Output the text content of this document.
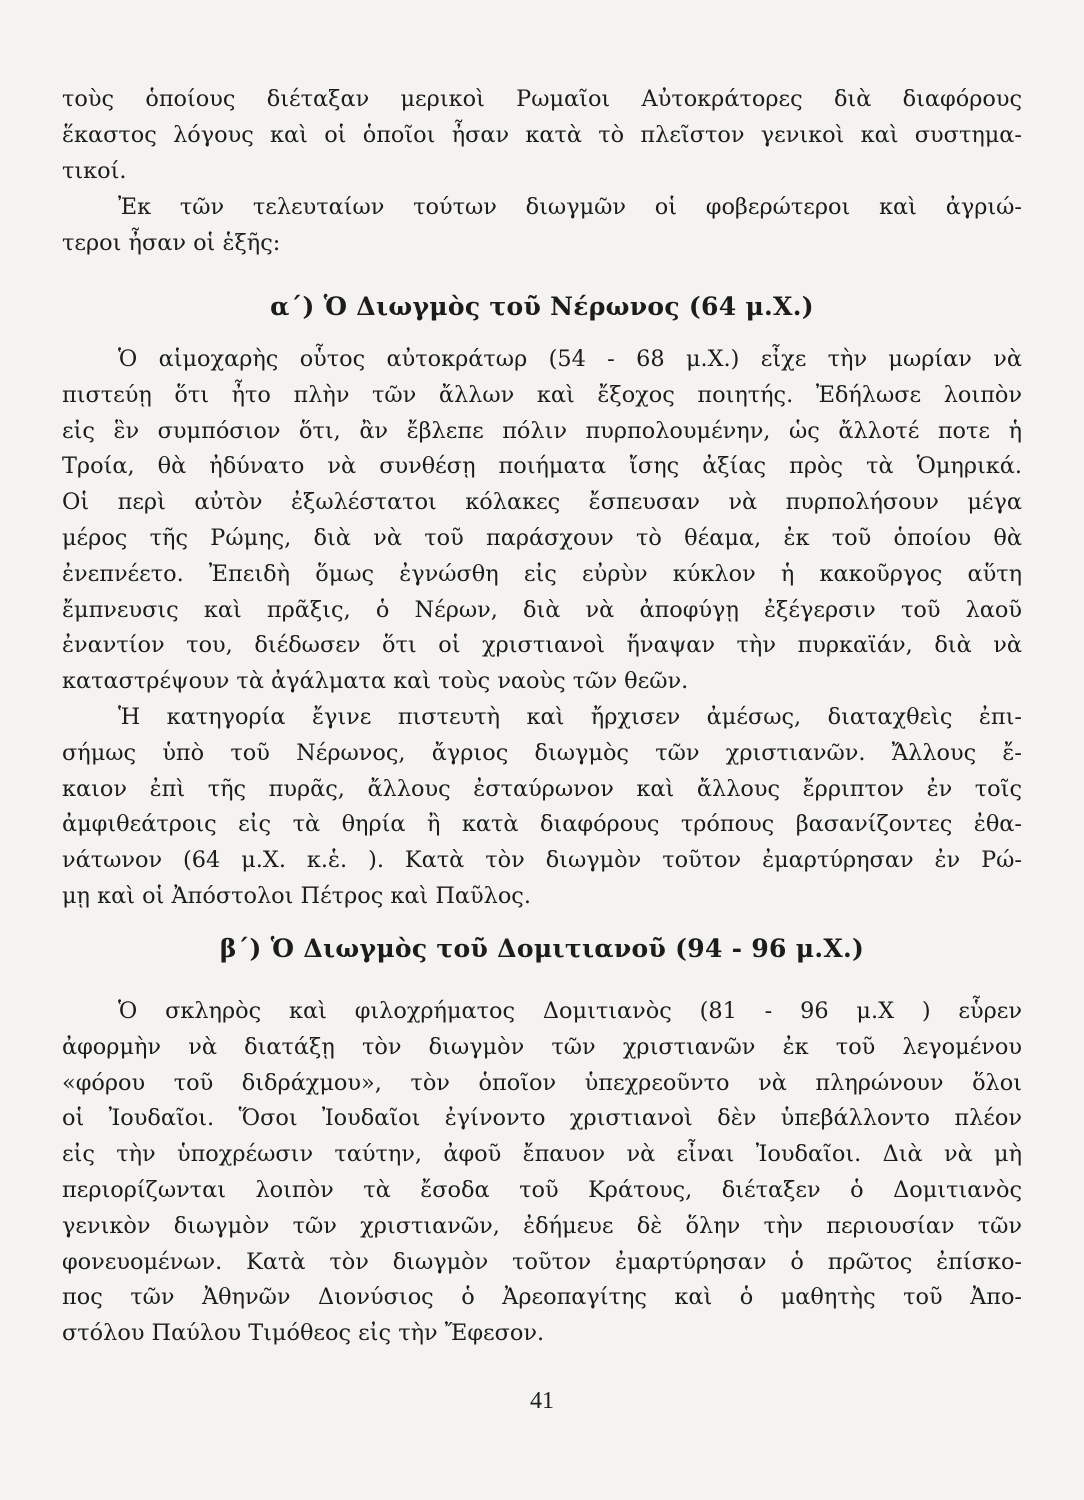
τοὺς ὁποίους διέταξαν μερικοὶ Ρωμαῖοι Αὐτοκράτορες διὰ διαφόρους
ἕκαστος λόγους καὶ οἱ ὁποῖοι ἦσαν κατὰ τὸ πλεῖστον γενικοὶ καὶ συστημα-
τικοί.

Ἐκ τῶν τελευταίων τούτων διωγμῶν οἱ φοβερώτεροι καὶ ἀγριώ-
τεροι ἦσαν οἱ ἑξῆς:

α΄) Ὁ Διωγμὸς τοῦ Νέρωνος (64 μ.Χ.)

Ὁ αἱμοχαρὴς οὗτος αὐτοκράτωρ (54 - 68 μ.Χ.) εἶχε τὴν μωρίαν νὰ
πιστεύῃ ὅτι ἦτο πλὴν τῶν ἄλλων καὶ ἔξοχος ποιητής. Ἐδήλωσε λοιπὸν
εἰς ἓν συμπόσιον ὅτι, ἂν ἔβλεπε πόλιν πυρπολουμένην, ὡς ἄλλοτέ ποτε ἡ
Τροία, θὰ ἠδύνατο νὰ συνθέσῃ ποιήματα ἴσης ἀξίας πρὸς τὰ Ὁμηρικά.
Οἱ περὶ αὐτὸν ἐξωλέστατοι κόλακες ἔσπευσαν νὰ πυρπολήσουν μέγα
μέρος τῆς Ρώμης, διὰ νὰ τοῦ παράσχουν τὸ θέαμα, ἐκ τοῦ ὁποίου θὰ
ἐνεπνέετο. Ἐπειδὴ ὅμως ἐγνώσθη εἰς εὐρὺν κύκλον ἡ κακοῦργος αὕτη
ἔμπνευσις καὶ πρᾶξις, ὁ Νέρων, διὰ νὰ ἀποφύγῃ ἐξέγερσιν τοῦ λαοῦ
ἐναντίον του, διέδωσεν ὅτι οἱ χριστιανοὶ ἥναψαν τὴν πυρκαϊάν, διὰ νὰ
καταστρέψουν τὰ ἀγάλματα καὶ τοὺς ναοὺς τῶν θεῶν.

Ἡ κατηγορία ἔγινε πιστευτὴ καὶ ἤρχισεν ἀμέσως, διαταχθεὶς ἐπι-
σήμως ὑπὸ τοῦ Νέρωνος, ἄγριος διωγμὸς τῶν χριστιανῶν. Ἄλλους ἔ-
καιον ἐπὶ τῆς πυρᾶς, ἄλλους ἐσταύρωνον καὶ ἄλλους ἔρριπτον ἐν τοῖς
ἀμφιθεάτροις εἰς τὰ θηρία ἢ κατὰ διαφόρους τρόπους βασανίζοντες ἐθα-
νάτωνον (64 μ.Χ. κ.ἑ. ). Κατὰ τὸν διωγμὸν τοῦτον ἐμαρτύρησαν ἐν Ρώ-
μῃ καὶ οἱ Ἀπόστολοι Πέτρος καὶ Παῦλος.

β΄) Ὁ Διωγμὸς τοῦ Δομιτιανοῦ (94 - 96 μ.Χ.)

Ὁ σκληρὸς καὶ φιλοχρήματος Δομιτιανὸς (81 - 96 μ.Χ ) εὗρεν
ἀφορμὴν νὰ διατάξῃ τὸν διωγμὸν τῶν χριστιανῶν ἐκ τοῦ λεγομένου
«φόρου τοῦ διδράχμου», τὸν ὁποῖον ὑπεχρεοῦντο νὰ πληρώνουν ὅλοι
οἱ Ἰουδαῖοι. Ὅσοι Ἰουδαῖοι ἐγίνοντο χριστιανοὶ δὲν ὑπεβάλλοντο πλέον
εἰς τὴν ὑποχρέωσιν ταύτην, ἀφοῦ ἔπαυον νὰ εἶναι Ἰουδαῖοι. Διὰ νὰ μὴ
περιορίζωνται λοιπὸν τὰ ἔσοδα τοῦ Κράτους, διέταξεν ὁ Δομιτιανὸς
γενικὸν διωγμὸν τῶν χριστιανῶν, ἐδήμευε δὲ ὅλην τὴν περιουσίαν τῶν
φονευομένων. Κατὰ τὸν διωγμὸν τοῦτον ἐμαρτύρησαν ὁ πρῶτος ἐπίσκο-
πος τῶν Ἀθηνῶν Διονύσιος ὁ Ἀρεοπαγίτης καὶ ὁ μαθητὴς τοῦ Ἀπο-
στόλου Παύλου Τιμόθεος εἰς τὴν Ἔφεσον.

41
